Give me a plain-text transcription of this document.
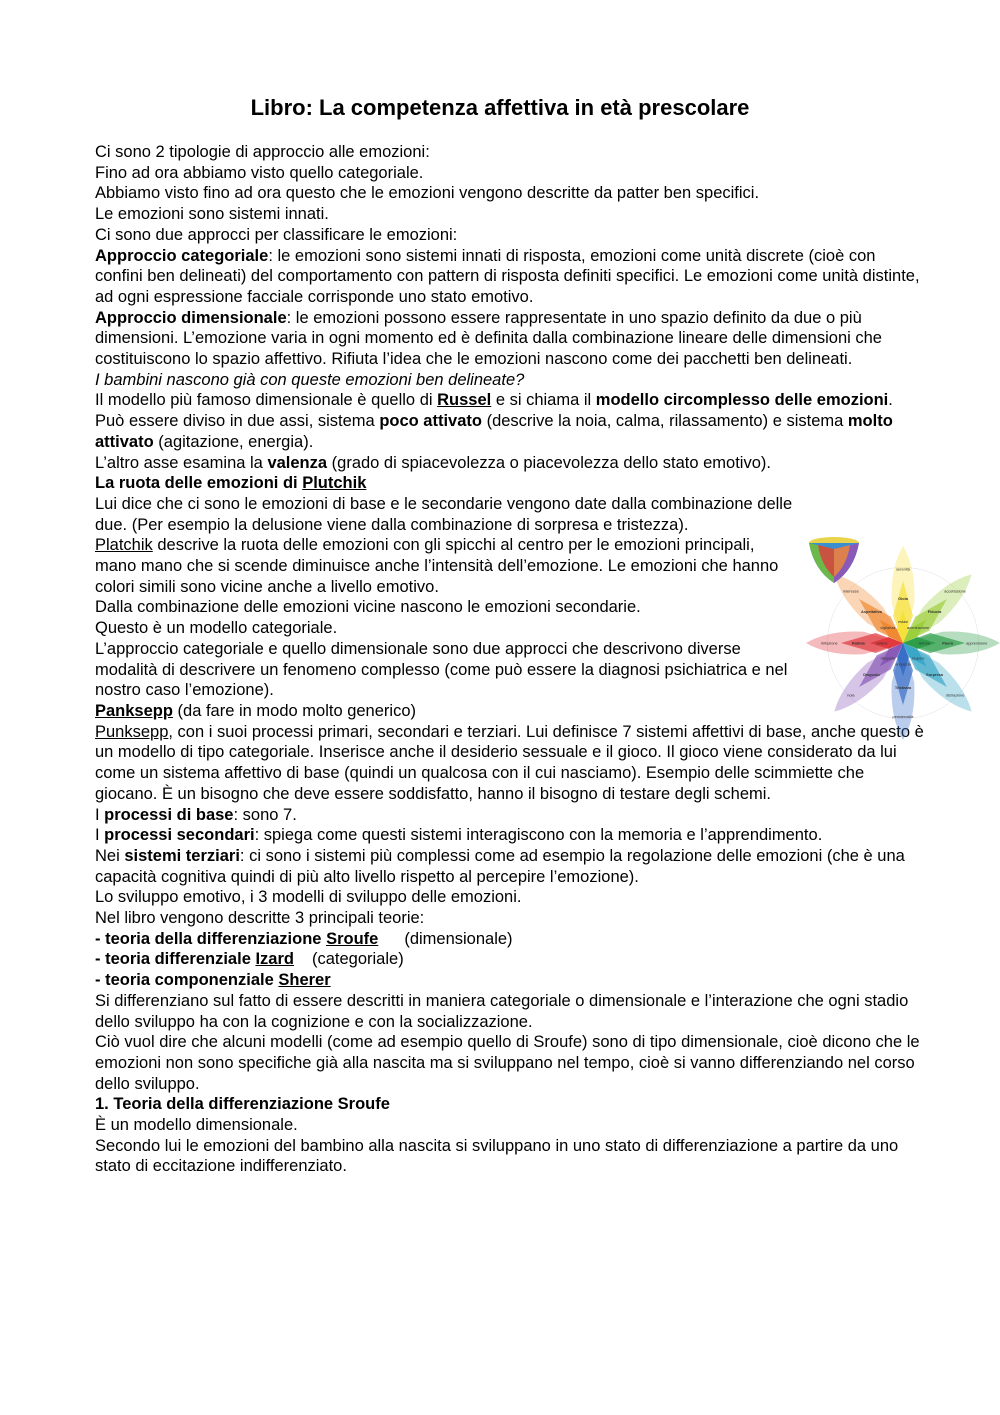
Libro: La competenza affettiva in età prescolare

Ci sono 2 tipologie di approccio alle emozioni:

Fino ad ora abbiamo visto quello categoriale.

Abbiamo visto fino ad ora questo che le emozioni vengono descritte da patter ben specifici.

Le emozioni sono sistemi innati.

Ci sono due approcci per classificare le emozioni:

Approccio categoriale: le emozioni sono sistemi innati di risposta, emozioni come unità discrete (cioè con confini ben delineati) del comportamento con pattern di risposta definiti specifici. Le emozioni come unità distinte, ad ogni espressione facciale corrisponde uno stato emotivo.

Approccio dimensionale: le emozioni possono essere rappresentate in uno spazio definito da due o più dimensioni. L’emozione varia in ogni momento ed è definita dalla combinazione lineare delle dimensioni che costituiscono lo spazio affettivo. Rifiuta l’idea che le emozioni nascono come dei pacchetti ben delineati.

I bambini nascono già con queste emozioni ben delineate?

Il modello più famoso dimensionale è quello di Russel e si chiama il modello circomplesso delle emozioni.

Può essere diviso in due assi, sistema poco attivato (descrive la noia, calma, rilassamento) e sistema molto attivato (agitazione, energia).

L’altro asse esamina la valenza (grado di spiacevolezza o piacevolezza dello stato emotivo).

La ruota delle emozioni di Plutchik

Lui dice che ci sono le emozioni di base e le secondarie vengono date dalla combinazione delle due. (Per esempio la delusione viene dalla combinazione di sorpresa e tristezza).

Platchik descrive la ruota delle emozioni con gli spicchi al centro per le emozioni principali, mano mano che si scende diminuisce anche l’intensità dell’emozione. Le emozioni che hanno colori simili sono vicine anche a livello emotivo.

Dalla combinazione delle emozioni vicine nascono le emozioni secondarie.

Questo è un modello categoriale.

L’approccio categoriale e quello dimensionale sono due approcci che descrivono diverse modalità di descrivere un fenomeno complesso (come può essere la diagnosi psichiatrica e nel nostro caso l’emozione).

Panksepp (da fare in modo molto generico)

Punksepp, con i suoi processi primari, secondari e terziari. Lui definisce 7 sistemi affettivi di base, anche questo è un modello di tipo categoriale. Inserisce anche il desiderio sessuale e il gioco. Il gioco viene considerato da lui come un sistema affettivo di base (quindi un qualcosa con il cui nasciamo). Esempio delle scimmiette che giocano. È un bisogno che deve essere soddisfatto, hanno il bisogno di testare degli schemi.

I processi di base: sono 7.

I processi secondari: spiega come questi sistemi interagiscono con la memoria e l’apprendimento.

Nei sistemi terziari: ci sono i sistemi più complessi come ad esempio la regolazione delle emozioni (che è una capacità cognitiva quindi di più alto livello rispetto al percepire l’emozione).

Lo sviluppo emotivo, i 3 modelli di sviluppo delle emozioni.

Nel libro vengono descritte 3 principali teorie:

- teoria della differenziazione Sroufe (dimensionale)

- teoria differenziale Izard (categoriale)

- teoria componenziale Sherer

Si differenziano sul fatto di essere descritti in maniera categoriale o dimensionale e l’interazione che ogni stadio dello sviluppo ha con la cognizione e con la socializzazione.

Ciò vuol dire che alcuni modelli (come ad esempio quello di Sroufe) sono di tipo dimensionale, cioè dicono che le emozioni non sono specifiche già alla nascita ma si sviluppano nel tempo, cioè si vanno differenziando nel corso dello sviluppo.

1. Teoria della differenziazione Sroufe

È un modello dimensionale.

Secondo lui le emozioni del bambino alla nascita si sviluppano in uno stato di differenziazione a partire da uno stato di eccitazione indifferenziato.

estasi
Gioia
serenità
ammirazione
Fiducia
accettazione
terrore	Paura	apprensione
stupore
Sorpresa
distrazione
angoscia
Tristezza
pensierosità
disgusto
Disgusto
noia
collera
Rabbia
irritazione
vigilanza
Aspettativa
interesse
